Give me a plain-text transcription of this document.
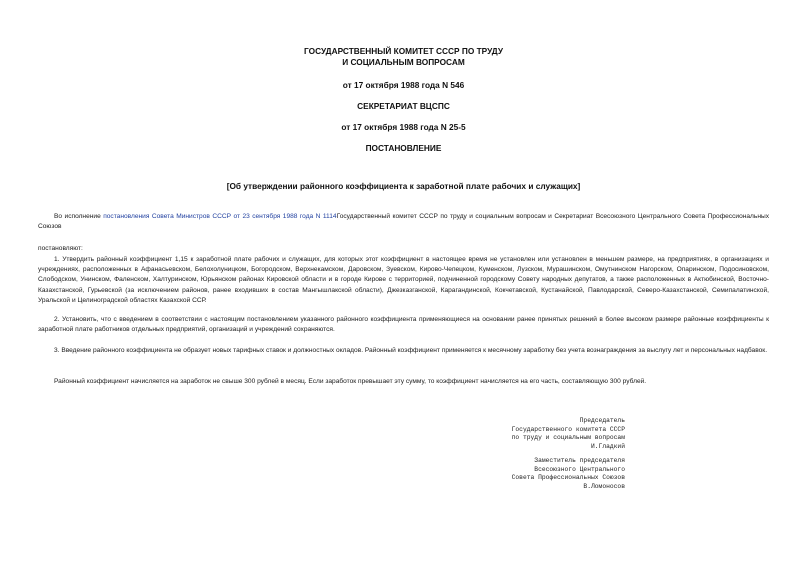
ГОСУДАРСТВЕННЫЙ КОМИТЕТ СССР ПО ТРУДУ
И СОЦИАЛЬНЫМ ВОПРОСАМ
от 17 октября 1988 года N 546
СЕКРЕТАРИАТ ВЦСПС
от 17 октября 1988 года N 25-5
ПОСТАНОВЛЕНИЕ
[Об утверждении районного коэффициента к заработной плате рабочих и служащих]

Во исполнение постановления Совета Министров СССР от 23 сентября 1988 года N 1114Государственный комитет СССР по труду и социальным вопросам и Секретариат Всесоюзного Центрального Совета Профессиональных Союзов

постановляют:

1. Утвердить районный коэффициент 1,15 к заработной плате рабочих и служащих, для которых этот коэффициент в настоящее время не установлен или установлен в меньшем размере, на предприятиях, в организациях и учреждениях, расположенных в Афанасьевском, Белохолуницком, Богородском, Верхнекамском, Даровском, Зуевском, Кирово-Чепецком, Куменском, Лузском, Мурашинском, Омутнинском Нагорском, Опаринском, Подосиновском, Слободском, Унинском, Фаленском, Халтуринском, Юрьянском районах Кировской области и в городе Кирове с территорией, подчиненной городскому Совету народных депутатов, а также расположенных в Актюбинской, Восточно-Казахстанской, Гурьевской (за исключением районов, ранее входивших в состав Мангышлакской области), Джезказганской, Карагандинской, Кокчетавской, Кустанайской, Павлодарской, Северо-Казахстанской, Семипалатинской, Уральской и Целиноградской областях Казахской ССР.

2. Установить, что с введением в соответствии с настоящим постановлением указанного районного коэффициента применяющиеся на основании ранее принятых решений в более высоком размере районные коэффициенты к заработной плате работников отдельных предприятий, организаций и учреждений сохраняются.

3. Введение районного коэффициента не образует новых тарифных ставок и должностных окладов. Районный коэффициент применяется к месячному заработку без учета вознаграждения за выслугу лет и персональных надбавок.

Районный коэффициент начисляется на заработок не свыше 300 рублей в месяц. Если заработок превышает эту сумму, то коэффициент начисляется на его часть, составляющую 300 рублей.

Председатель
Государственного комитета СССР
по труду и социальным вопросам
И.Гладкий
Заместитель председателя
Всесоюзного Центрального
Совета Профессиональных Союзов
В.Ломоносов
